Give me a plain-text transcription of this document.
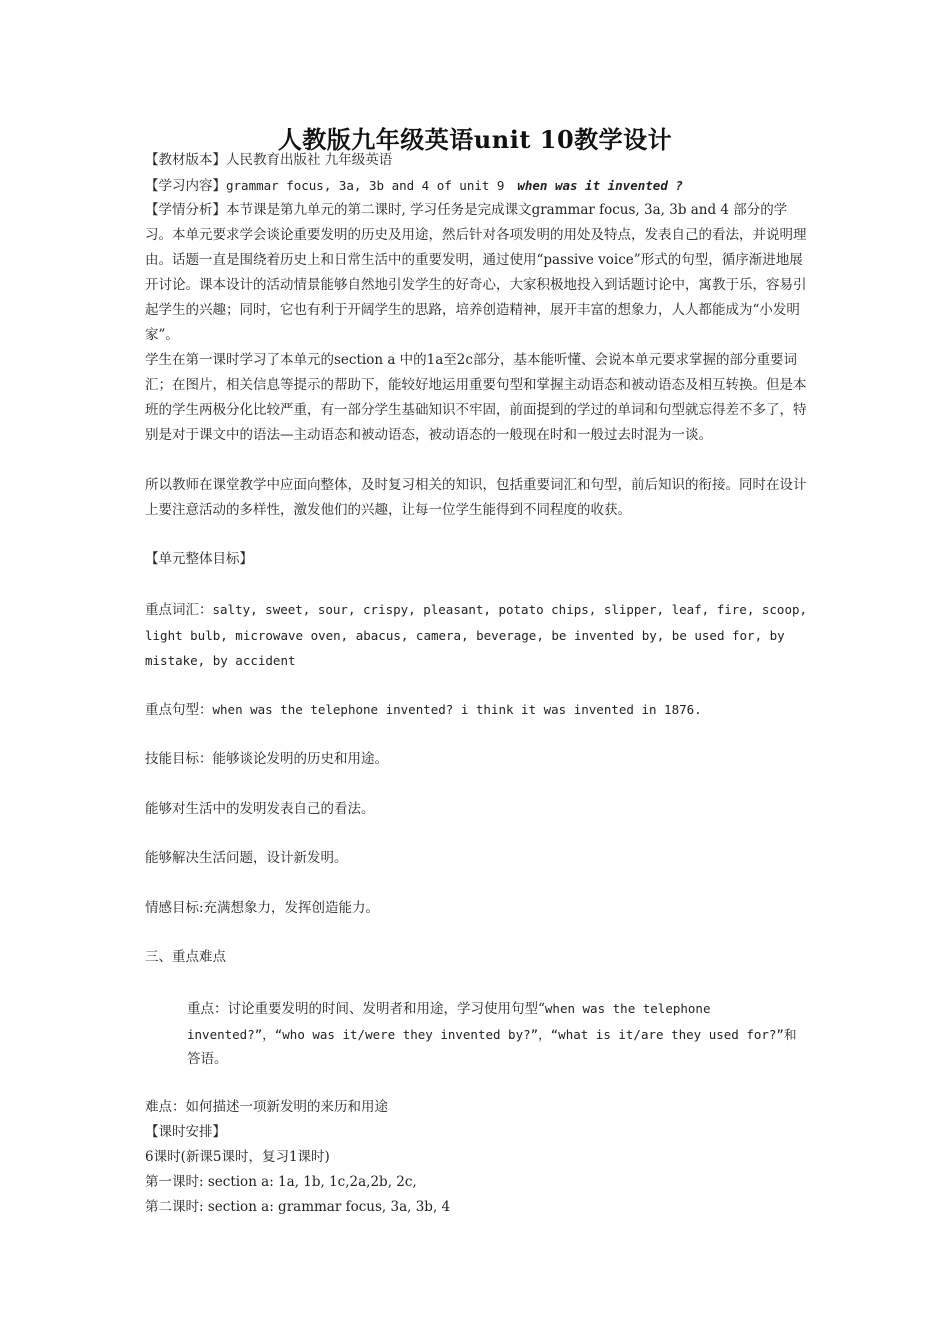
人教版九年级英语unit 10教学设计
【教材版本】人民教育出版社 九年级英语
【学习内容】grammar focus, 3a, 3b and 4 of unit 9 when was it invented ?
【学情分析】本节课是第九单元的第二课时, 学习任务是完成课文grammar focus, 3a, 3b and 4 部分的学习。本单元要求学会谈论重要发明的历史及用途，然后针对各项发明的用处及特点，发表自己的看法，并说明理由。话题一直是围绕着历史上和日常生活中的重要发明，通过使用“passive voice”形式的句型，循序渐进地展开讨论。课本设计的活动情景能够自然地引发学生的好奇心，大家积极地投入到话题讨论中，寓教于乐，容易引起学生的兴趣；同时，它也有利于开阔学生的思路，培养创造精神，展开丰富的想象力，人人都能成为“小发明家”。
学生在第一课时学习了本单元的section a 中的1a至2c部分，基本能听懂、会说本单元要求掌握的部分重要词汇；在图片，相关信息等提示的帮助下，能较好地运用重要句型和掌握主动语态和被动语态及相互转换。但是本班的学生两极分化比较严重，有一部分学生基础知识不牢固，前面提到的学过的单词和句型就忘得差不多了，特别是对于课文中的语法—主动语态和被动语态，被动语态的一般现在时和一般过去时混为一谈。
所以教师在课堂教学中应面向整体，及时复习相关的知识，包括重要词汇和句型，前后知识的衔接。同时在设计上要注意活动的多样性，激发他们的兴趣，让每一位学生能得到不同程度的收获。
【单元整体目标】
重点词汇：salty, sweet, sour, crispy, pleasant, potato chips, slipper, leaf, fire, scoop,
light bulb, microwave oven, abacus, camera, beverage, be invented by, be used for, by
mistake, by accident
重点句型：when was the telephone invented? i think it was invented in 1876.
技能目标：能够谈论发明的历史和用途。
能够对生活中的发明发表自己的看法。
能够解决生活问题，设计新发明。
情感目标:充满想象力，发挥创造能力。
三、重点难点
重点：讨论重要发明的时间、发明者和用途，学习使用句型“when was the telephone
invented?”，“who was it/were they invented by?”，“what is it/are they used for?”和
答语。
难点：如何描述一项新发明的来历和用途
【课时安排】
6课时(新课5课时，复习1课时)
第一课时: section a: 1a, 1b, 1c,2a,2b, 2c,
第二课时: section a: grammar focus, 3a, 3b, 4
